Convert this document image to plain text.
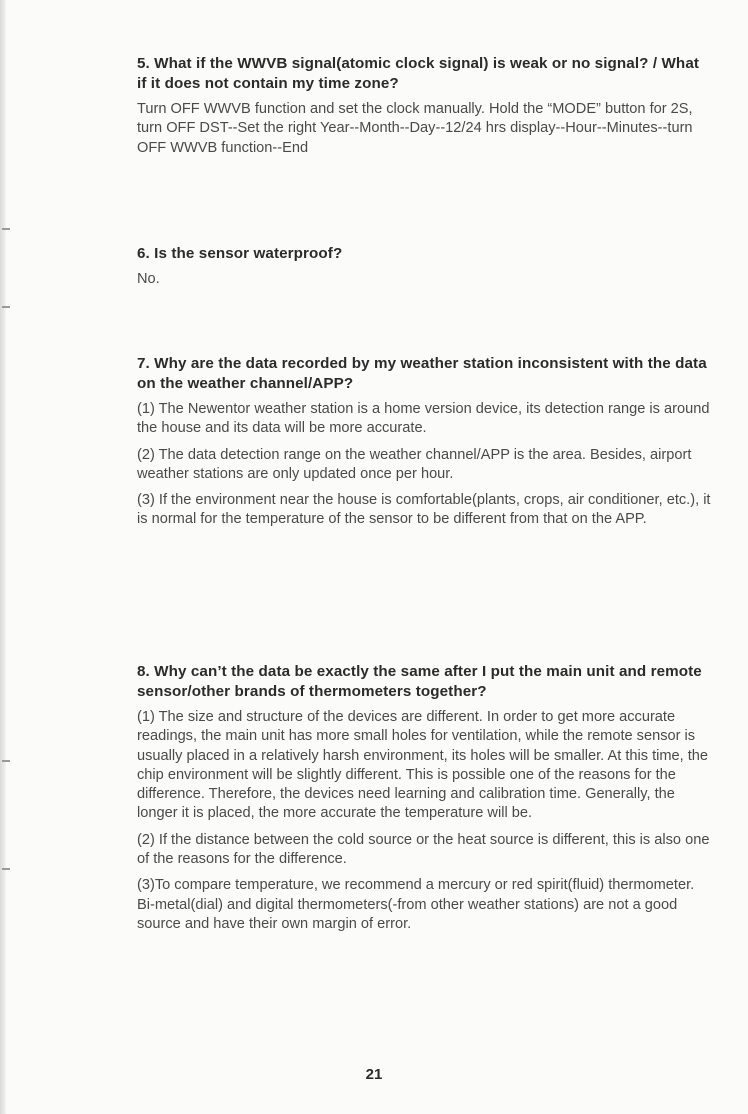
5. What if the WWVB signal(atomic clock signal) is weak or no signal? / What if it does not contain my time zone?

Turn OFF WWVB function and set the clock manually. Hold the “MODE” button for 2S, turn OFF DST--Set the right Year--Month--Day--12/24 hrs display--Hour--Minutes--turn OFF WWVB function--End

6. Is the sensor waterproof?

No.

7. Why are the data recorded by my weather station inconsistent with the data on the weather channel/APP?

(1) The Newentor weather station is a home version device, its detection range is around the house and its data will be more accurate.

(2) The data detection range on the weather channel/APP is the area. Besides, airport weather stations are only updated once per hour.

(3) If the environment near the house is comfortable(plants, crops, air conditioner, etc.), it is normal for the temperature of the sensor to be different from that on the APP.

8. Why can’t the data be exactly the same after I put the main unit and remote sensor/other brands of thermometers together?

(1) The size and structure of the devices are different. In order to get more accurate readings, the main unit has more small holes for ventilation, while the remote sensor is usually placed in a relatively harsh environment, its holes will be smaller. At this time, the chip environment will be slightly different. This is possible one of the reasons for the difference. Therefore, the devices need learning and calibration time. Generally, the longer it is placed, the more accurate the temperature will be.

(2) If the distance between the cold source or the heat source is different, this is also one of the reasons for the difference.

(3)To compare temperature, we recommend a mercury or red spirit(fluid) thermometer. Bi-metal(dial) and digital thermometers(-from other weather stations) are not a good source and have their own margin of error.

21
